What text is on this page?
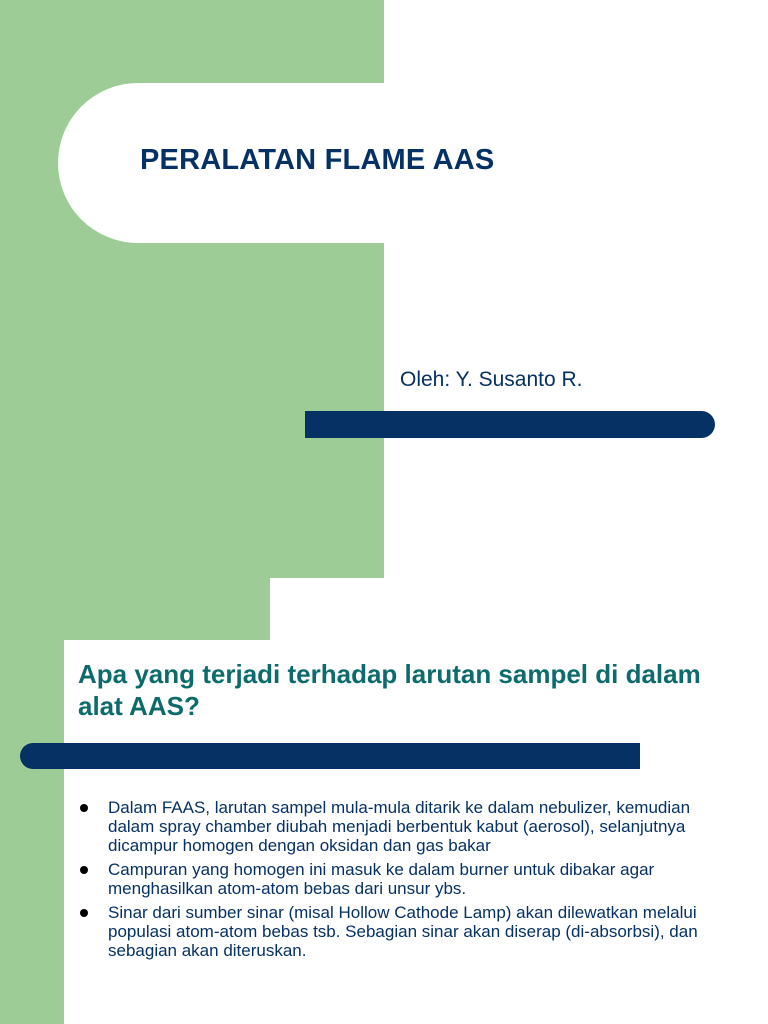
PERALATAN FLAME AAS
Oleh: Y. Susanto R.
Apa yang terjadi terhadap larutan sampel di dalam alat AAS?
Dalam FAAS, larutan sampel mula-mula ditarik ke dalam nebulizer, kemudian dalam spray chamber diubah menjadi berbentuk kabut (aerosol), selanjutnya dicampur homogen dengan oksidan dan gas bakar
Campuran yang homogen ini masuk ke dalam burner untuk dibakar agar menghasilkan atom-atom bebas dari unsur ybs.
Sinar dari sumber sinar (misal Hollow Cathode Lamp) akan dilewatkan melalui populasi atom-atom bebas tsb. Sebagian sinar akan diserap (di-absorbsi), dan sebagian akan diteruskan.
